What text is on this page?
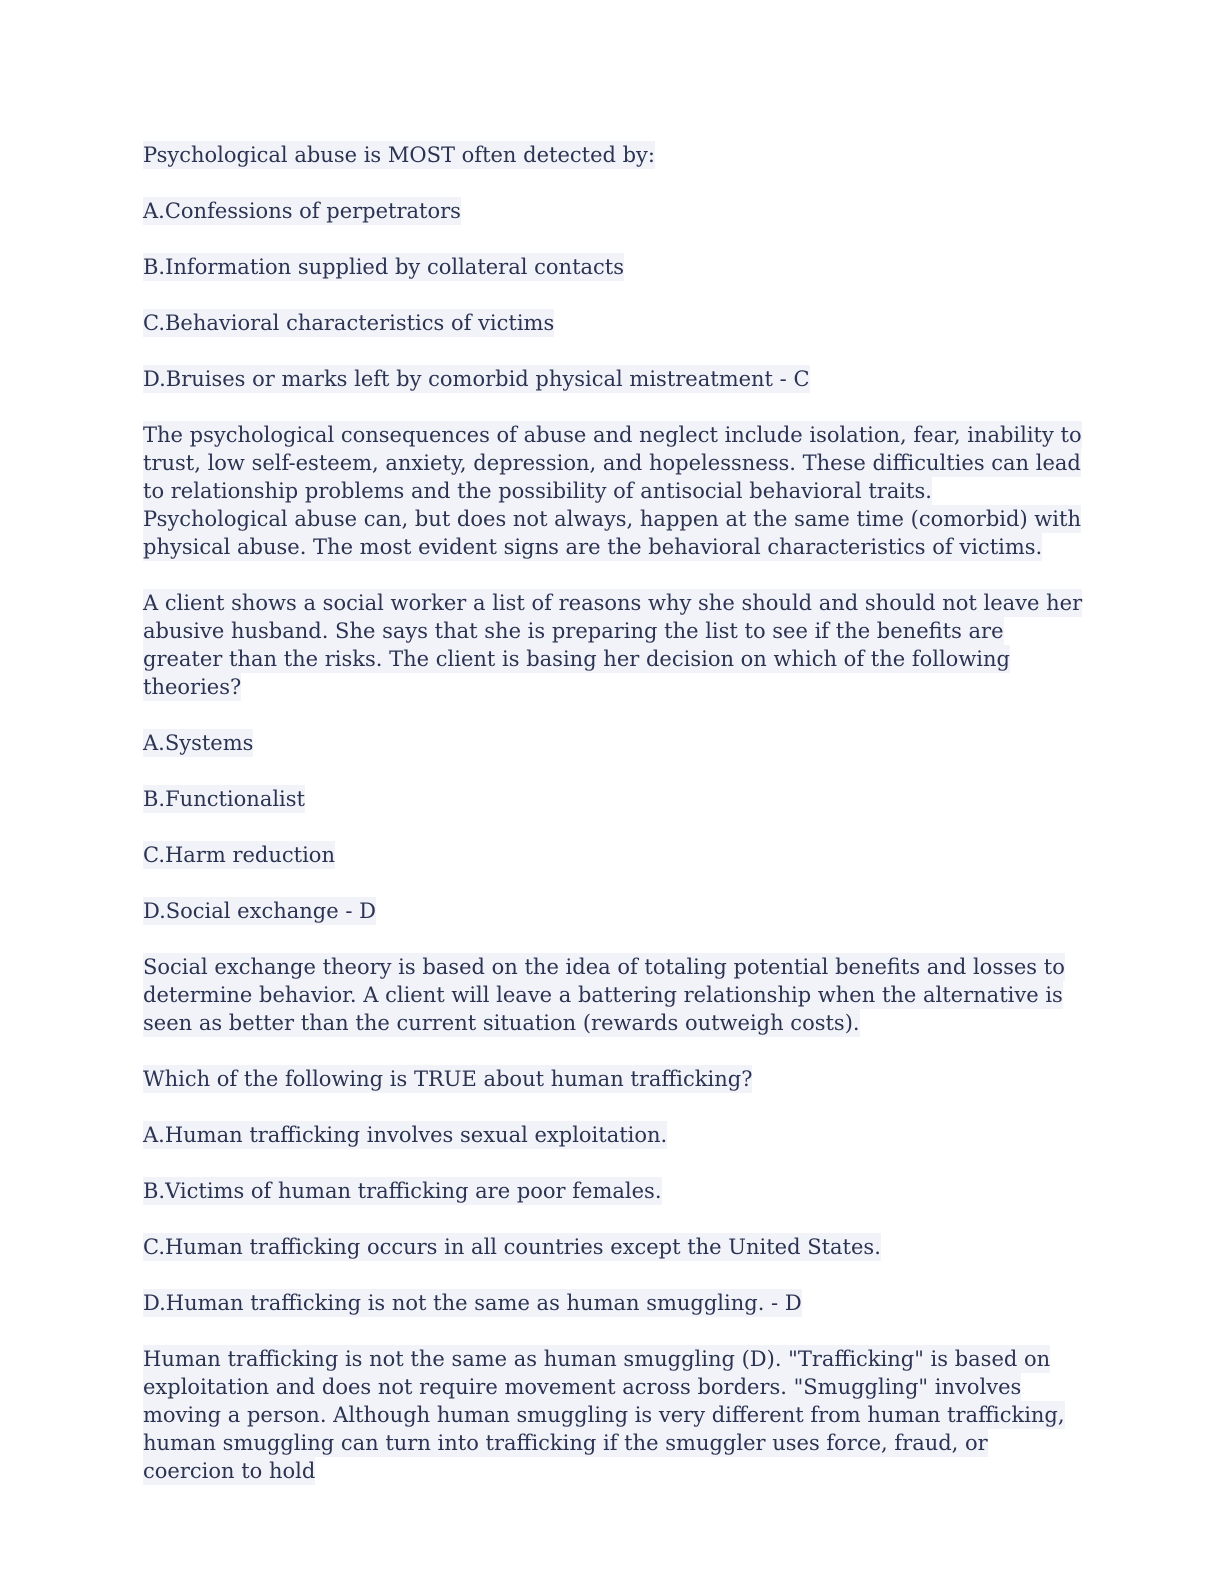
Psychological abuse is MOST often detected by:
A.Confessions of perpetrators
B.Information supplied by collateral contacts
C.Behavioral characteristics of victims
D.Bruises or marks left by comorbid physical mistreatment - C
The psychological consequences of abuse and neglect include isolation, fear, inability to trust, low self-esteem, anxiety, depression, and hopelessness. These difficulties can lead to relationship problems and the possibility of antisocial behavioral traits. Psychological abuse can, but does not always, happen at the same time (comorbid) with physical abuse. The most evident signs are the behavioral characteristics of victims.
A client shows a social worker a list of reasons why she should and should not leave her abusive husband. She says that she is preparing the list to see if the benefits are greater than the risks. The client is basing her decision on which of the following theories?
A.Systems
B.Functionalist
C.Harm reduction
D.Social exchange - D
Social exchange theory is based on the idea of totaling potential benefits and losses to determine behavior. A client will leave a battering relationship when the alternative is seen as better than the current situation (rewards outweigh costs).
Which of the following is TRUE about human trafficking?
A.Human trafficking involves sexual exploitation.
B.Victims of human trafficking are poor females.
C.Human trafficking occurs in all countries except the United States.
D.Human trafficking is not the same as human smuggling. - D
Human trafficking is not the same as human smuggling (D). "Trafficking" is based on exploitation and does not require movement across borders. "Smuggling" involves moving a person. Although human smuggling is very different from human trafficking, human smuggling can turn into trafficking if the smuggler uses force, fraud, or coercion to hold
